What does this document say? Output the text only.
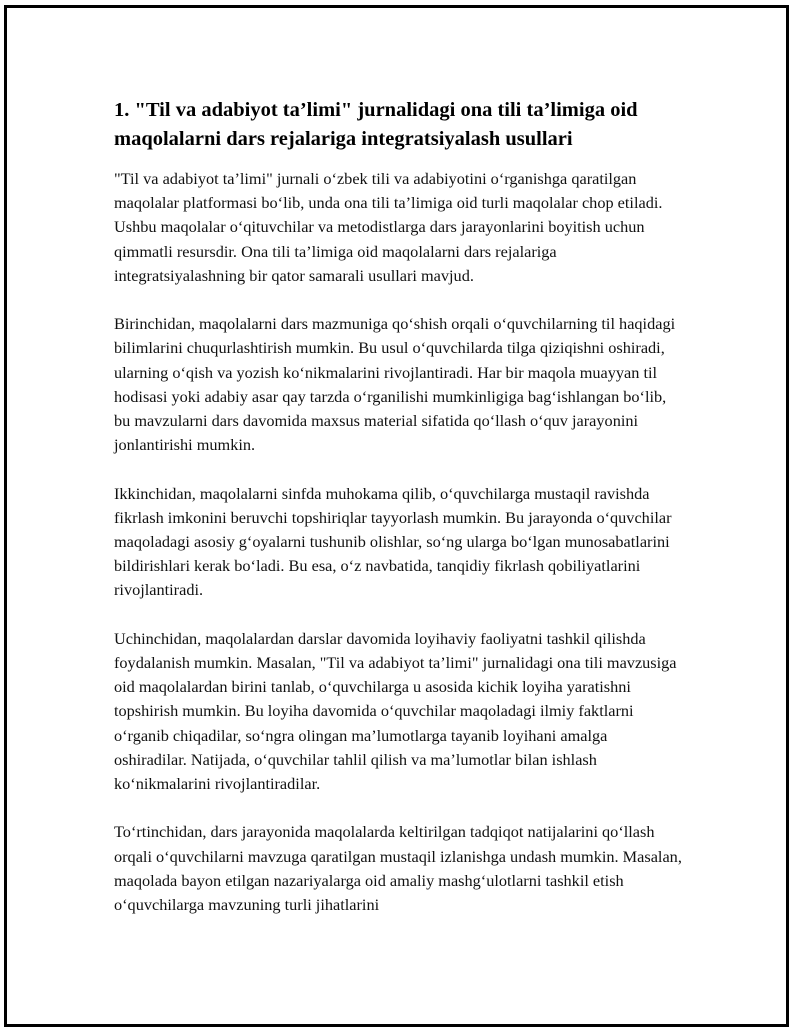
1. "Til va adabiyot ta’limi" jurnalidagi ona tili ta’limiga oid maqolalarni dars rejalariga integratsiyalash usullari

"Til va adabiyot ta’limi" jurnali oʻzbek tili va adabiyotini oʻrganishga qaratilgan maqolalar platformasi boʻlib, unda ona tili ta’limiga oid turli maqolalar chop etiladi. Ushbu maqolalar oʻqituvchilar va metodistlarga dars jarayonlarini boyitish uchun qimmatli resursdir. Ona tili ta’limiga oid maqolalarni dars rejalariga integratsiyalashning bir qator samarali usullari mavjud.

Birinchidan, maqolalarni dars mazmuniga qoʻshish orqali oʻquvchilarning til haqidagi bilimlarini chuqurlashtirish mumkin. Bu usul oʻquvchilarda tilga qiziqishni oshiradi, ularning oʻqish va yozish koʻnikmalarini rivojlantiradi. Har bir maqola muayyan til hodisasi yoki adabiy asar qay tarzda oʻrganilishi mumkinligiga bagʻishlangan boʻlib, bu mavzularni dars davomida maxsus material sifatida qoʻllash oʻquv jarayonini jonlantirishi mumkin.

Ikkinchidan, maqolalarni sinfda muhokama qilib, oʻquvchilarga mustaqil ravishda fikrlash imkonini beruvchi topshiriqlar tayyorlash mumkin. Bu jarayonda oʻquvchilar maqoladagi asosiy gʻoyalarni tushunib olishlar, soʻng ularga boʻlgan munosabatlarini bildirishlari kerak boʻladi. Bu esa, oʻz navbatida, tanqidiy fikrlash qobiliyatlarini rivojlantiradi.

Uchinchidan, maqolalardan darslar davomida loyihaviy faoliyatni tashkil qilishda foydalanish mumkin. Masalan, "Til va adabiyot ta’limi" jurnalidagi ona tili mavzusiga oid maqolalardan birini tanlab, oʻquvchilarga u asosida kichik loyiha yaratishni topshirish mumkin. Bu loyiha davomida oʻquvchilar maqoladagi ilmiy faktlarni oʻrganib chiqadilar, soʻngra olingan ma’lumotlarga tayanib loyihani amalga oshiradilar. Natijada, oʻquvchilar tahlil qilish va ma’lumotlar bilan ishlash koʻnikmalarini rivojlantiradilar.

Toʻrtinchidan, dars jarayonida maqolalarda keltirilgan tadqiqot natijalarini qoʻllash orqali oʻquvchilarni mavzuga qaratilgan mustaqil izlanishga undash mumkin. Masalan, maqolada bayon etilgan nazariyalarga oid amaliy mashgʻulotlarni tashkil etish oʻquvchilarga mavzuning turli jihatlarini
